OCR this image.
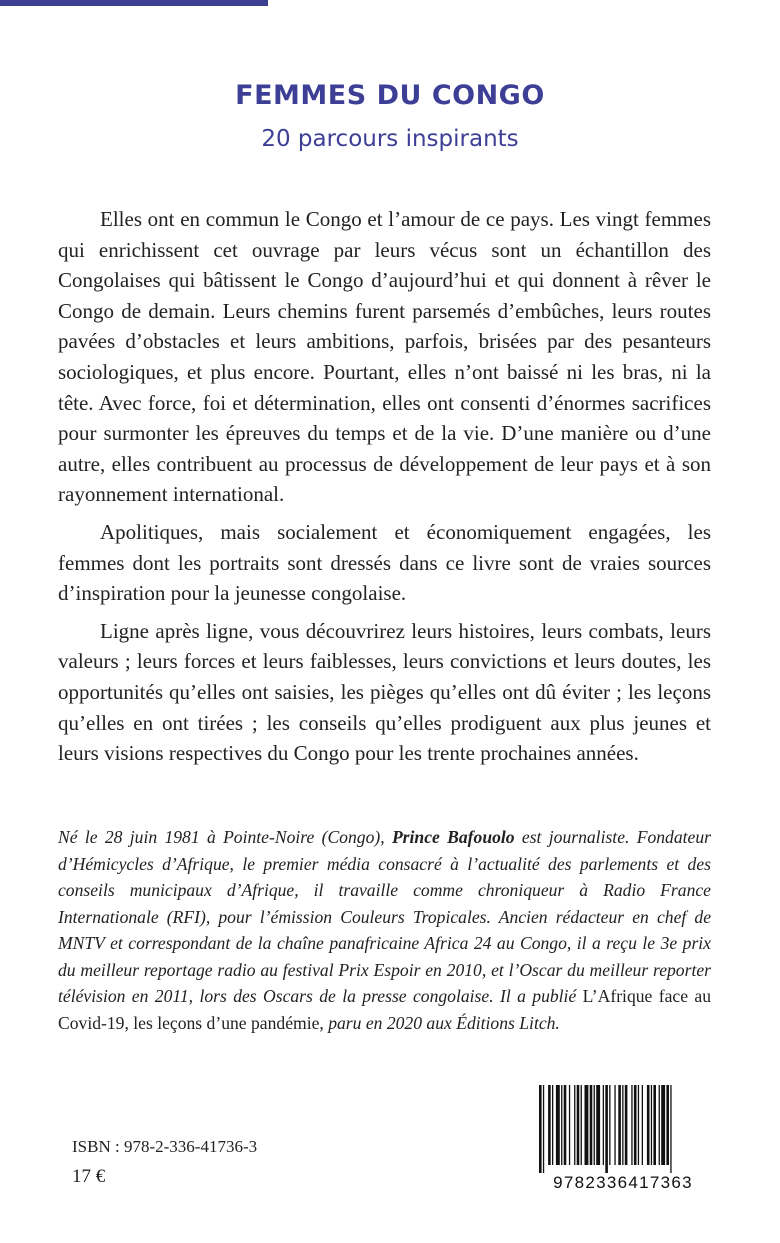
FEMMES DU CONGO
20 parcours inspirants

Elles ont en commun le Congo et l’amour de ce pays. Les vingt femmes qui enrichissent cet ouvrage par leurs vécus sont un échantillon des Congolaises qui bâtissent le Congo d’aujourd’hui et qui donnent à rêver le Congo de demain. Leurs chemins furent parsemés d’embûches, leurs routes pavées d’obstacles et leurs ambitions, parfois, brisées par des pesanteurs sociologiques, et plus encore. Pourtant, elles n’ont baissé ni les bras, ni la tête. Avec force, foi et détermination, elles ont consenti d’énormes sacrifices pour surmonter les épreuves du temps et de la vie. D’une manière ou d’une autre, elles contribuent au processus de développement de leur pays et à son rayonnement international.

Apolitiques, mais socialement et économiquement engagées, les femmes dont les portraits sont dressés dans ce livre sont de vraies sources d’inspiration pour la jeunesse congolaise.

Ligne après ligne, vous découvrirez leurs histoires, leurs combats, leurs valeurs ; leurs forces et leurs faiblesses, leurs convictions et leurs doutes, les opportunités qu’elles ont saisies, les pièges qu’elles ont dû éviter ; les leçons qu’elles en ont tirées ; les conseils qu’elles prodiguent aux plus jeunes et leurs visions respectives du Congo pour les trente prochaines années.

Né le 28 juin 1981 à Pointe-Noire (Congo), Prince Bafouolo est journaliste. Fondateur d’Hémicycles d’Afrique, le premier média consacré à l’actualité des parlements et des conseils municipaux d’Afrique, il travaille comme chroniqueur à Radio France Internationale (RFI), pour l’émission Couleurs Tropicales. Ancien rédacteur en chef de MNTV et correspondant de la chaîne panafricaine Africa 24 au Congo, il a reçu le 3e prix du meilleur reportage radio au festival Prix Espoir en 2010, et l’Oscar du meilleur reporter télévision en 2011, lors des Oscars de la presse congolaise. Il a publié L’Afrique face au Covid-19, les leçons d’une pandémie, paru en 2020 aux Éditions Litch.
ISBN : 978-2-336-41736-3
17 €	9782336417363
